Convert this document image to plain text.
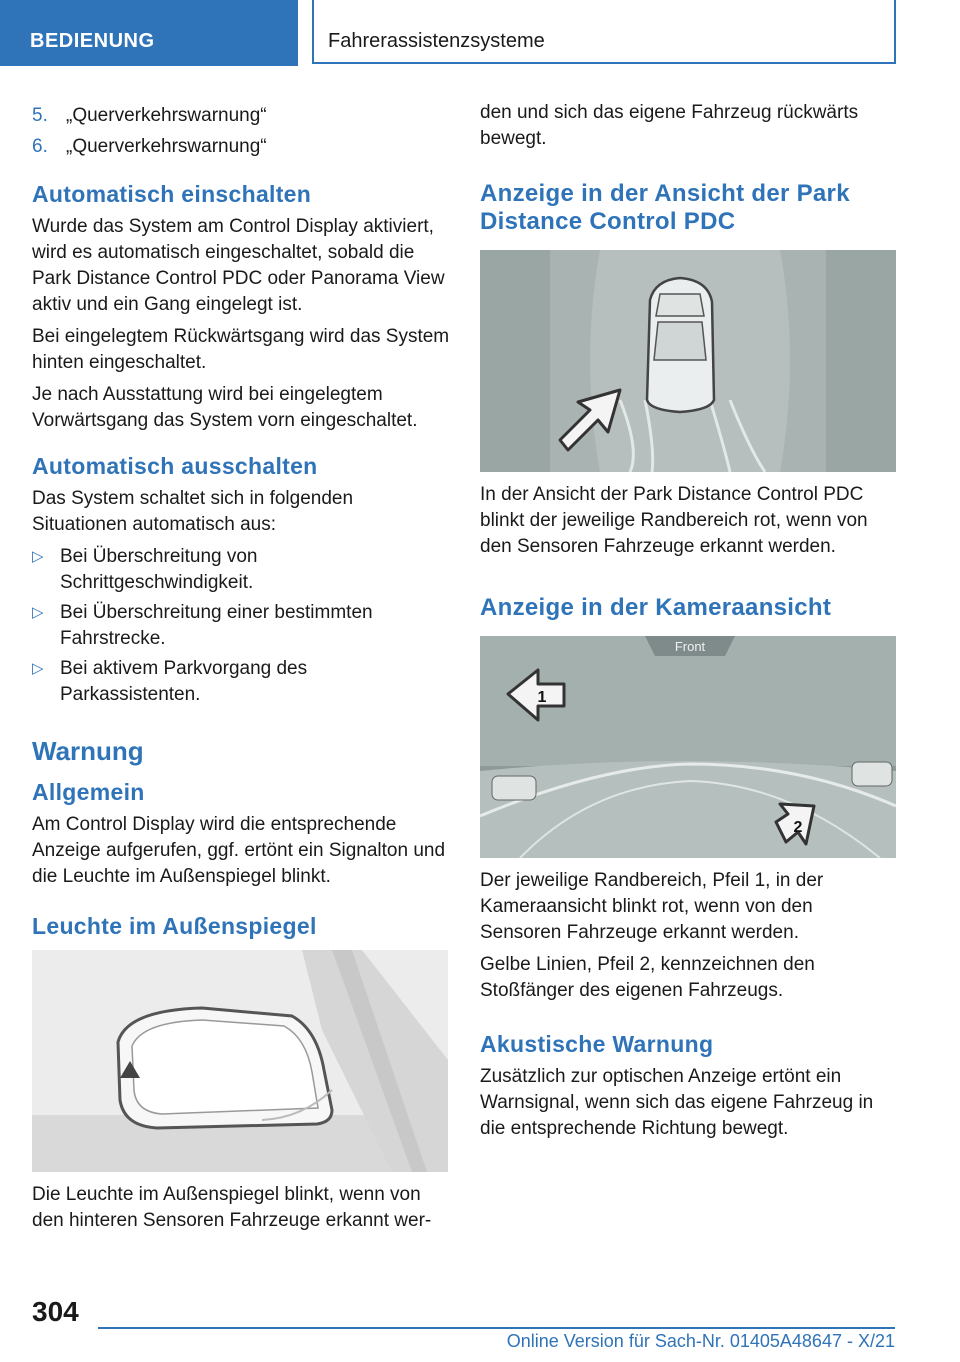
BEDIENUNG	Fahrerassistenzsysteme
5. „Querverkehrswarnung“
6. „Querverkehrswarnung“
Automatisch einschalten

Wurde das System am Control Display aktiviert, wird es automatisch eingeschaltet, sobald die Park Distance Control PDC oder Panorama View aktiv und ein Gang eingelegt ist.

Bei eingelegtem Rückwärtsgang wird das System hinten eingeschaltet.

Je nach Ausstattung wird bei eingelegtem Vorwärtsgang das System vorn eingeschaltet.

Automatisch ausschalten

Das System schaltet sich in folgenden Situationen automatisch aus:

▷ Bei Überschreitung von Schrittgeschwindigkeit.
▷ Bei Überschreitung einer bestimmten Fahrstrecke.
▷ Bei aktivem Parkvorgang des Parkassistenten.
Warnung
Allgemein

Am Control Display wird die entsprechende Anzeige aufgerufen, ggf. ertönt ein Signalton und die Leuchte im Außenspiegel blinkt.

Leuchte im Außenspiegel

Die Leuchte im Außenspiegel blinkt, wenn von den hinteren Sensoren Fahrzeuge erkannt wer-

den und sich das eigene Fahrzeug rückwärts bewegt.

Anzeige in der Ansicht der Park Distance Control PDC

In der Ansicht der Park Distance Control PDC blinkt der jeweilige Randbereich rot, wenn von den Sensoren Fahrzeuge erkannt werden.

Anzeige in der Kameraansicht
Front
1
2

Der jeweilige Randbereich, Pfeil 1, in der Kameraansicht blinkt rot, wenn von den Sensoren Fahrzeuge erkannt werden.

Gelbe Linien, Pfeil 2, kennzeichnen den Stoßfänger des eigenen Fahrzeugs.

Akustische Warnung

Zusätzlich zur optischen Anzeige ertönt ein Warnsignal, wenn sich das eigene Fahrzeug in die entsprechende Richtung bewegt.

304
Online Version für Sach-Nr. 01405A48647 - X/21
